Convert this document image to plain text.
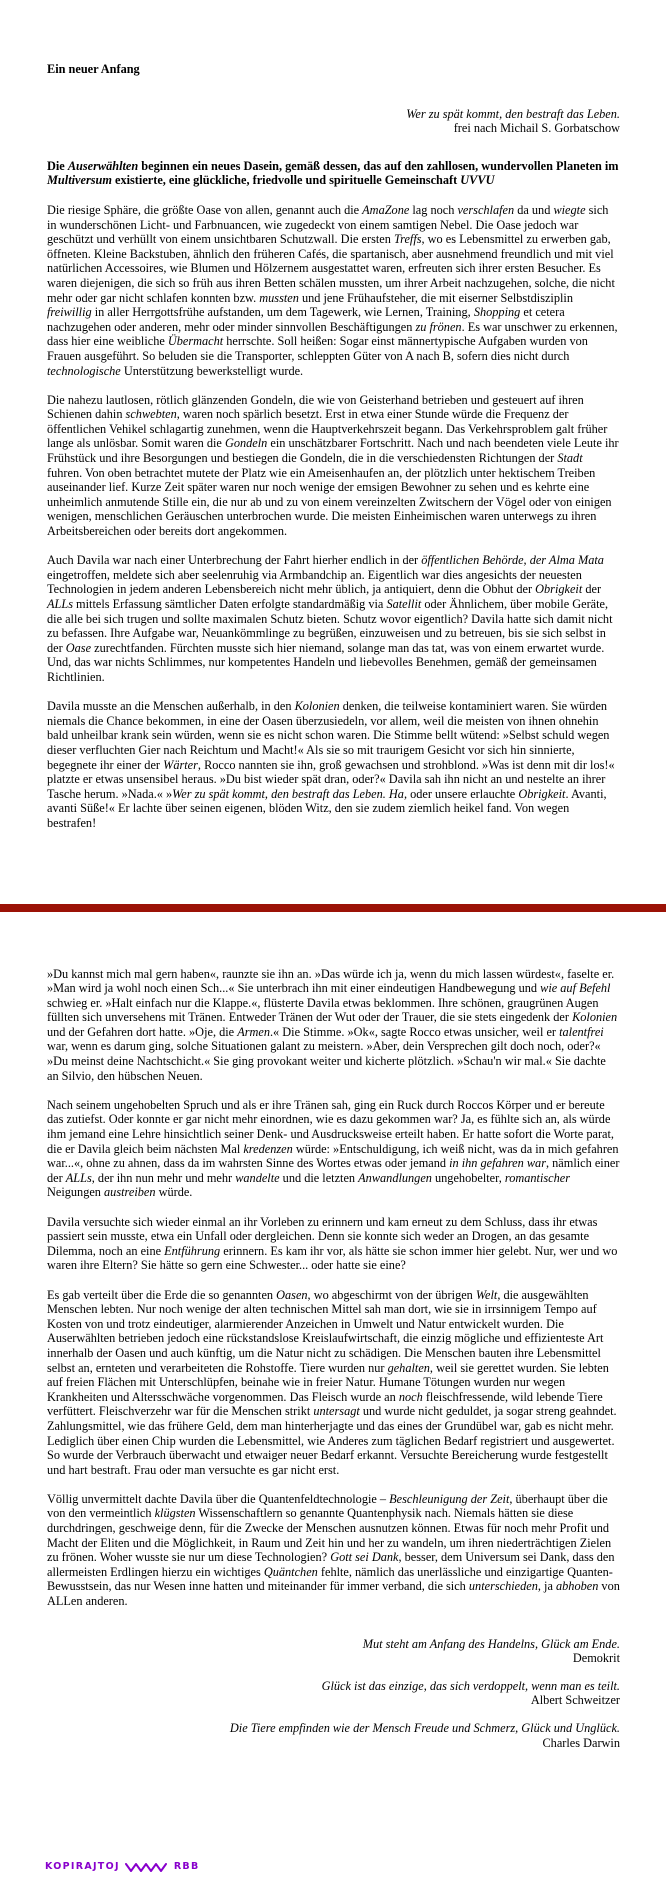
Ein neuer Anfang
Wer zu spät kommt, den bestraft das Leben.
frei nach Michail S. Gorbatschow

Die Auserwählten beginnen ein neues Dasein, gemäß dessen, das auf den zahllosen, wundervollen Planeten im Multiversum existierte, eine glückliche, friedvolle und spirituelle Gemeinschaft UVVU

Die riesige Sphäre, die größte Oase von allen, genannt auch die AmaZone lag noch verschlafen da und wiegte sich in wunderschönen Licht- und Farbnuancen, wie zugedeckt von einem samtigen Nebel. Die Oase jedoch war geschützt und verhüllt von einem unsichtbaren Schutzwall. Die ersten Treffs, wo es Lebensmittel zu erwerben gab, öffneten. Kleine Backstuben, ähnlich den früheren Cafés, die spartanisch, aber ausnehmend freundlich und mit viel natürlichen Accessoires, wie Blumen und Hölzernem ausgestattet waren, erfreuten sich ihrer ersten Besucher. Es waren diejenigen, die sich so früh aus ihren Betten schälen mussten, um ihrer Arbeit nachzugehen, solche, die nicht mehr oder gar nicht schlafen konnten bzw. mussten und jene Frühaufsteher, die mit eiserner Selbstdisziplin freiwillig in aller Herrgottsfrühe aufstanden, um dem Tagewerk, wie Lernen, Training, Shopping et cetera nachzugehen oder anderen, mehr oder minder sinnvollen Beschäftigungen zu frönen. Es war unschwer zu erkennen, dass hier eine weibliche Übermacht herrschte. Soll heißen: Sogar einst männertypische Aufgaben wurden von Frauen ausgeführt. So beluden sie die Transporter, schleppten Güter von A nach B, sofern dies nicht durch technologische Unterstützung bewerkstelligt wurde.

Die nahezu lautlosen, rötlich glänzenden Gondeln, die wie von Geisterhand betrieben und gesteuert auf ihren Schienen dahin schwebten, waren noch spärlich besetzt. Erst in etwa einer Stunde würde die Frequenz der öffentlichen Vehikel schlagartig zunehmen, wenn die Hauptverkehrszeit begann. Das Verkehrsproblem galt früher lange als unlösbar. Somit waren die Gondeln ein unschätzbarer Fortschritt. Nach und nach beendeten viele Leute ihr Frühstück und ihre Besorgungen und bestiegen die Gondeln, die in die verschiedensten Richtungen der Stadt fuhren. Von oben betrachtet mutete der Platz wie ein Ameisenhaufen an, der plötzlich unter hektischem Treiben auseinander lief. Kurze Zeit später waren nur noch wenige der emsigen Bewohner zu sehen und es kehrte eine unheimlich anmutende Stille ein, die nur ab und zu von einem vereinzelten Zwitschern der Vögel oder von einigen wenigen, menschlichen Geräuschen unterbrochen wurde. Die meisten Einheimischen waren unterwegs zu ihren Arbeitsbereichen oder bereits dort angekommen.

Auch Davila war nach einer Unterbrechung der Fahrt hierher endlich in der öffentlichen Behörde, der Alma Mata eingetroffen, meldete sich aber seelenruhig via Armbandchip an. Eigentlich war dies angesichts der neuesten Technologien in jedem anderen Lebensbereich nicht mehr üblich, ja antiquiert, denn die Obhut der Obrigkeit der ALLs mittels Erfassung sämtlicher Daten erfolgte standardmäßig via Satellit oder Ähnlichem, über mobile Geräte, die alle bei sich trugen und sollte maximalen Schutz bieten. Schutz wovor eigentlich? Davila hatte sich damit nicht zu befassen. Ihre Aufgabe war, Neuankömmlinge zu begrüßen, einzuweisen und zu betreuen, bis sie sich selbst in der Oase zurechtfanden. Fürchten musste sich hier niemand, solange man das tat, was von einem erwartet wurde. Und, das war nichts Schlimmes, nur kompetentes Handeln und liebevolles Benehmen, gemäß der gemeinsamen Richtlinien.

Davila musste an die Menschen außerhalb, in den Kolonien denken, die teilweise kontaminiert waren. Sie würden niemals die Chance bekommen, in eine der Oasen überzusiedeln, vor allem, weil die meisten von ihnen ohnehin bald unheilbar krank sein würden, wenn sie es nicht schon waren. Die Stimme bellt wütend: »Selbst schuld wegen dieser verfluchten Gier nach Reichtum und Macht!« Als sie so mit traurigem Gesicht vor sich hin sinnierte, begegnete ihr einer der Wärter, Rocco nannten sie ihn, groß gewachsen und strohblond. »Was ist denn mit dir los!« platzte er etwas unsensibel heraus. »Du bist wieder spät dran, oder?« Davila sah ihn nicht an und nestelte an ihrer Tasche herum. »Nada.« »Wer zu spät kommt, den bestraft das Leben. Ha, oder unsere erlauchte Obrigkeit. Avanti, avanti Süße!« Er lachte über seinen eigenen, blöden Witz, den sie zudem ziemlich heikel fand. Von wegen bestrafen!

»Du kannst mich mal gern haben«, raunzte sie ihn an. »Das würde ich ja, wenn du mich lassen würdest«, faselte er. »Man wird ja wohl noch einen Sch...« Sie unterbrach ihn mit einer eindeutigen Handbewegung und wie auf Befehl schwieg er. »Halt einfach nur die Klappe.«, flüsterte Davila etwas beklommen. Ihre schönen, graugrünen Augen füllten sich unversehens mit Tränen. Entweder Tränen der Wut oder der Trauer, die sie stets eingedenk der Kolonien und der Gefahren dort hatte. »Oje, die Armen.« Die Stimme. »Ok«, sagte Rocco etwas unsicher, weil er talentfrei war, wenn es darum ging, solche Situationen galant zu meistern. »Aber, dein Versprechen gilt doch noch, oder?« »Du meinst deine Nachtschicht.« Sie ging provokant weiter und kicherte plötzlich. »Schau'n wir mal.« Sie dachte an Silvio, den hübschen Neuen.

Nach seinem ungehobelten Spruch und als er ihre Tränen sah, ging ein Ruck durch Roccos Körper und er bereute das zutiefst. Oder konnte er gar nicht mehr einordnen, wie es dazu gekommen war? Ja, es fühlte sich an, als würde ihm jemand eine Lehre hinsichtlich seiner Denk- und Ausdrucksweise erteilt haben. Er hatte sofort die Worte parat, die er Davila gleich beim nächsten Mal kredenzen würde: »Entschuldigung, ich weiß nicht, was da in mich gefahren war...«, ohne zu ahnen, dass da im wahrsten Sinne des Wortes etwas oder jemand in ihn gefahren war, nämlich einer der ALLs, der ihn nun mehr und mehr wandelte und die letzten Anwandlungen ungehobelter, romantischer Neigungen austreiben würde.

Davila versuchte sich wieder einmal an ihr Vorleben zu erinnern und kam erneut zu dem Schluss, dass ihr etwas passiert sein musste, etwa ein Unfall oder dergleichen. Denn sie konnte sich weder an Drogen, an das gesamte Dilemma, noch an eine Entführung erinnern. Es kam ihr vor, als hätte sie schon immer hier gelebt. Nur, wer und wo waren ihre Eltern? Sie hätte so gern eine Schwester... oder hatte sie eine?

Es gab verteilt über die Erde die so genannten Oasen, wo abgeschirmt von der übrigen Welt, die ausgewählten Menschen lebten. Nur noch wenige der alten technischen Mittel sah man dort, wie sie in irrsinnigem Tempo auf Kosten von und trotz eindeutiger, alarmierender Anzeichen in Umwelt und Natur entwickelt wurden. Die Auserwählten betrieben jedoch eine rückstandslose Kreislaufwirtschaft, die einzig mögliche und effizienteste Art innerhalb der Oasen und auch künftig, um die Natur nicht zu schädigen. Die Menschen bauten ihre Lebensmittel selbst an, ernteten und verarbeiteten die Rohstoffe. Tiere wurden nur gehalten, weil sie gerettet wurden. Sie lebten auf freien Flächen mit Unterschlüpfen, beinahe wie in freier Natur. Humane Tötungen wurden nur wegen Krankheiten und Altersschwäche vorgenommen. Das Fleisch wurde an noch fleischfressende, wild lebende Tiere verfüttert. Fleischverzehr war für die Menschen strikt untersagt und wurde nicht geduldet, ja sogar streng geahndet. Zahlungsmittel, wie das frühere Geld, dem man hinterherjagte und das eines der Grundübel war, gab es nicht mehr. Lediglich über einen Chip wurden die Lebensmittel, wie Anderes zum täglichen Bedarf registriert und ausgewertet. So wurde der Verbrauch überwacht und etwaiger neuer Bedarf erkannt. Versuchte Bereicherung wurde festgestellt und hart bestraft. Frau oder man versuchte es gar nicht erst.

Völlig unvermittelt dachte Davila über die Quantenfeldtechnologie – Beschleunigung der Zeit, überhaupt über die von den vermeintlich klügsten Wissenschaftlern so genannte Quantenphysik nach. Niemals hätten sie diese durchdringen, geschweige denn, für die Zwecke der Menschen ausnutzen können. Etwas für noch mehr Profit und Macht der Eliten und die Möglichkeit, in Raum und Zeit hin und her zu wandeln, um ihren niederträchtigen Zielen zu frönen. Woher wusste sie nur um diese Technologien? Gott sei Dank, besser, dem Universum sei Dank, dass den allermeisten Erdlingen hierzu ein wichtiges Quäntchen fehlte, nämlich das unerlässliche und einzigartige Quanten-Bewusstsein, das nur Wesen inne hatten und miteinander für immer verband, die sich unterschieden, ja abhoben von ALLen anderen.

Mut steht am Anfang des Handelns, Glück am Ende.
Demokrit
Glück ist das einzige, das sich verdoppelt, wenn man es teilt.
Albert Schweitzer
Die Tiere empfinden wie der Mensch Freude und Schmerz, Glück und Unglück.
Charles Darwin
KOPIRAJTOJ	RBB
